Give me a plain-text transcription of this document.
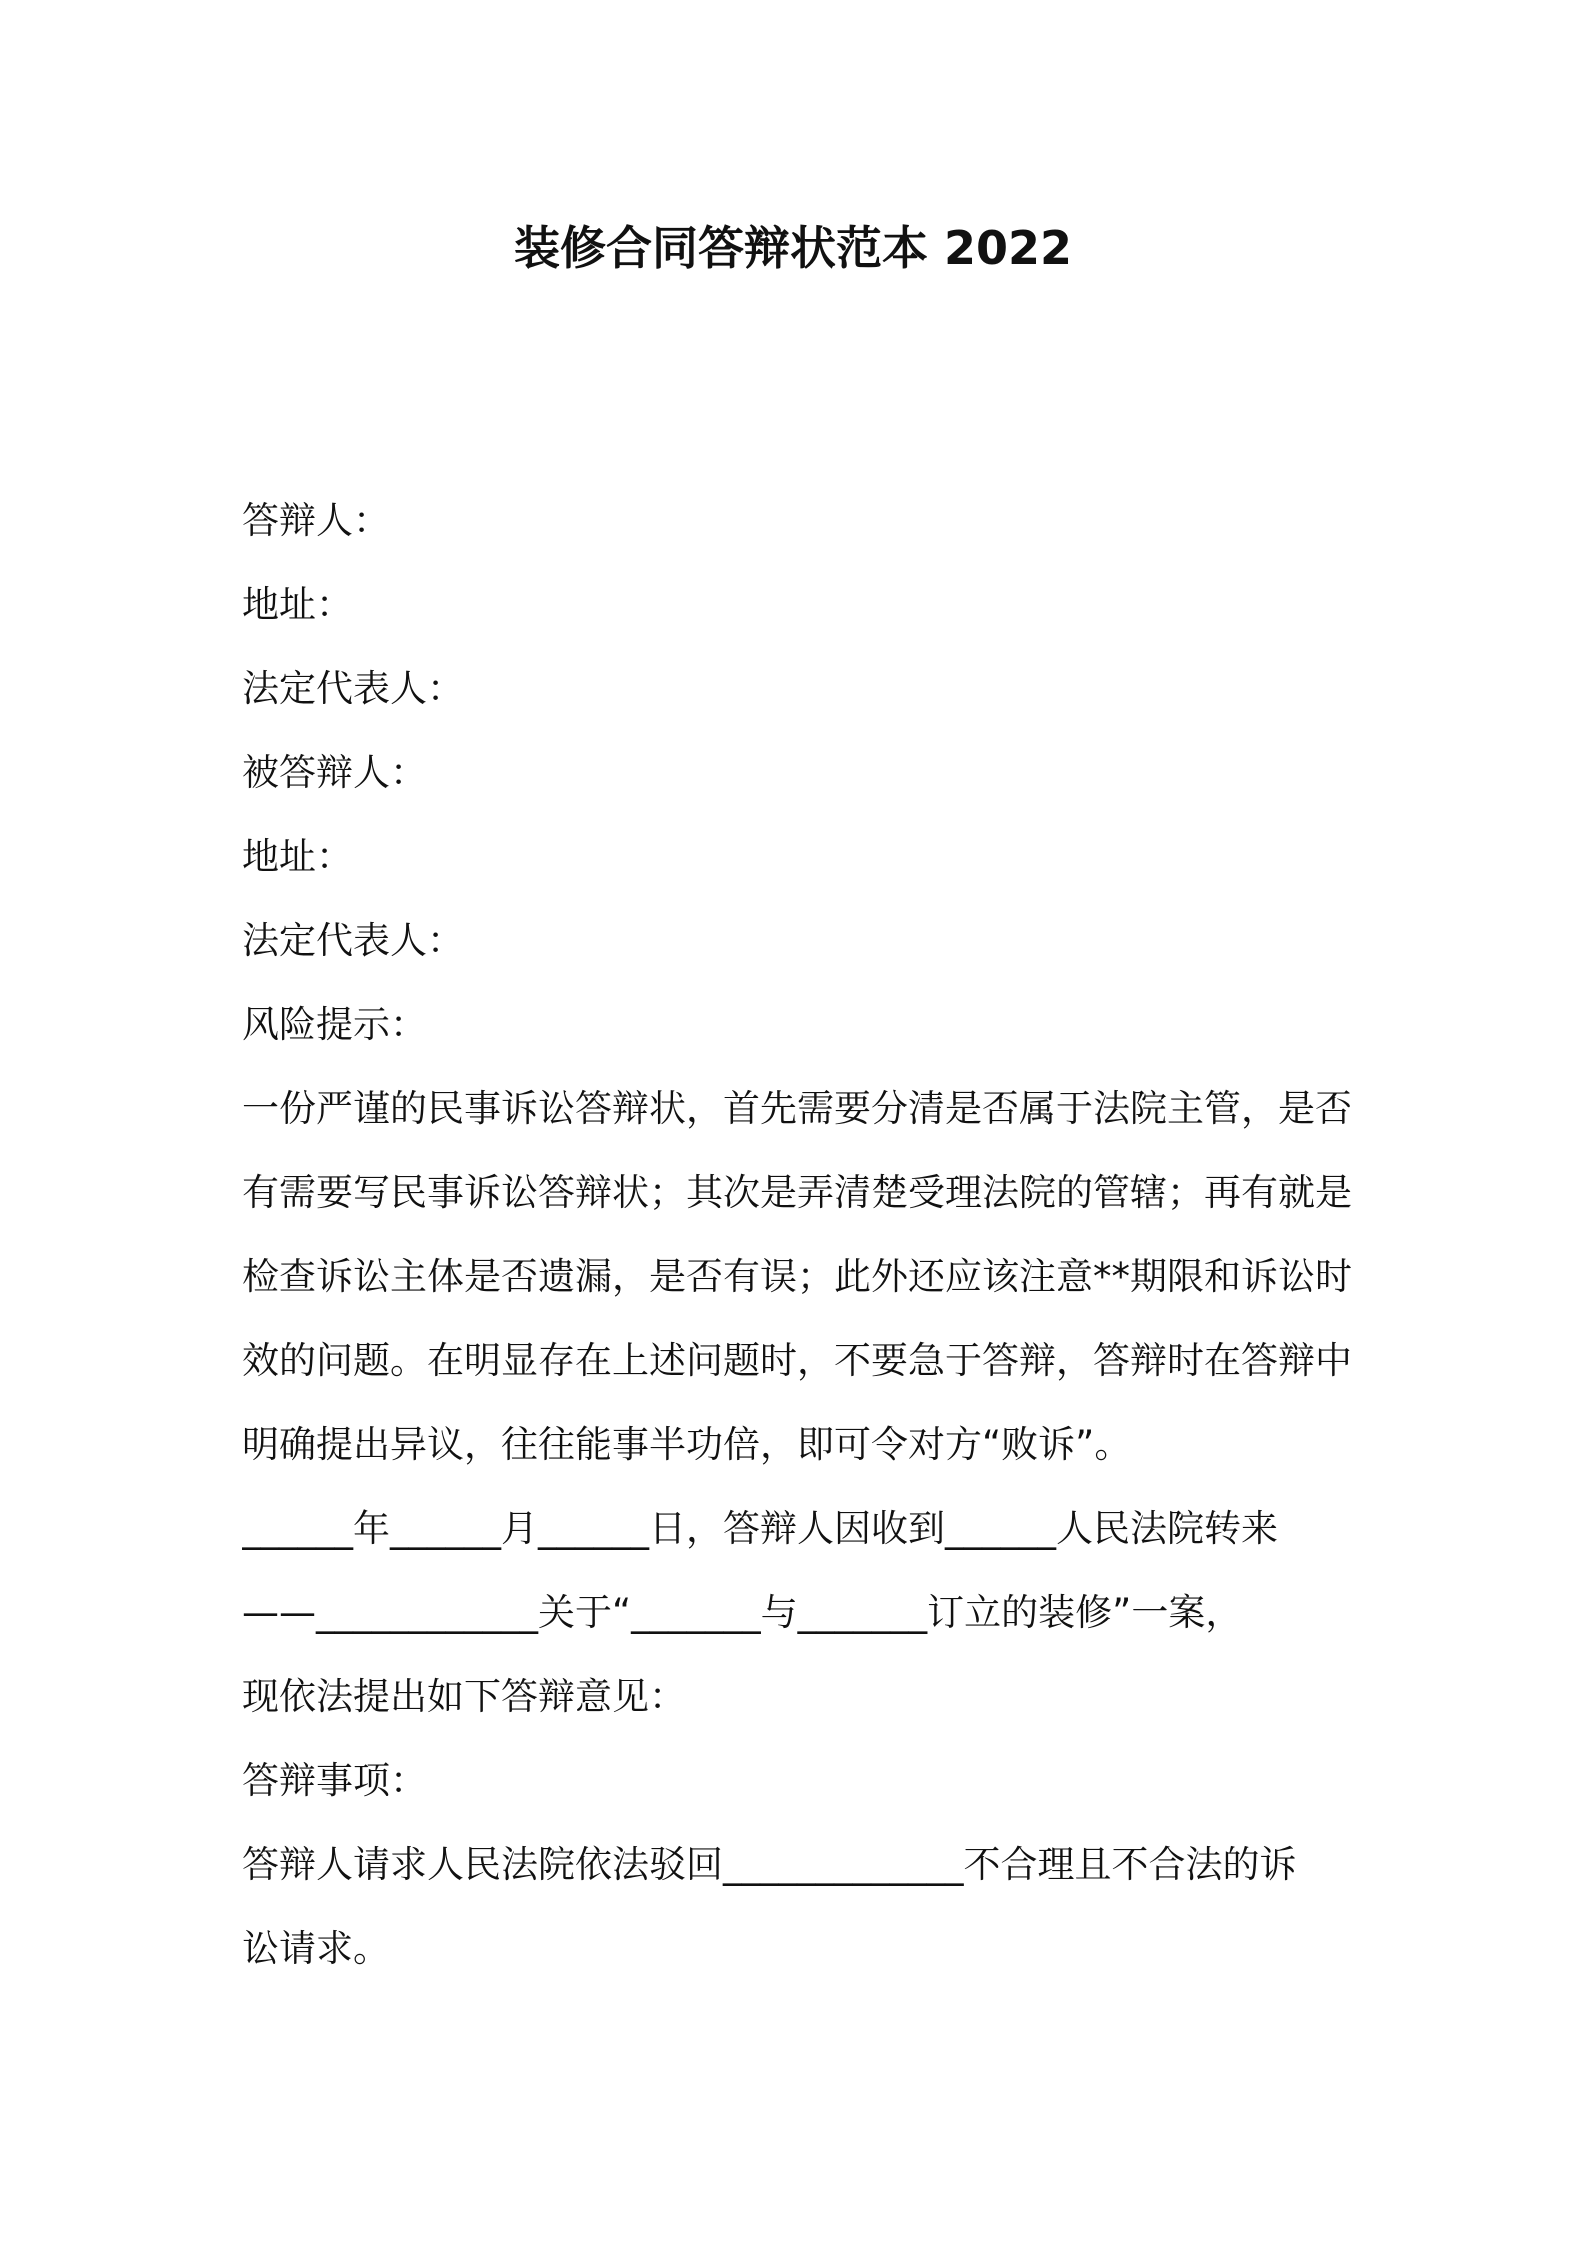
装修合同答辩状范本 2022
答辩人：
地址：
法定代表人：
被答辩人：
地址：
法定代表人：
风险提示：
一份严谨的民事诉讼答辩状，首先需要分清是否属于法院主管，是否
有需要写民事诉讼答辩状；其次是弄清楚受理法院的管辖；再有就是
检查诉讼主体是否遗漏，是否有误；此外还应该注意**期限和诉讼时
效的问题。在明显存在上述问题时，不要急于答辩，答辩时在答辩中
明确提出异议，往往能事半功倍，即可令对方“败诉”。
______年______月______日，答辩人因收到______人民法院转来
——____________关于“_______与_______订立的装修”一案，
现依法提出如下答辩意见：
答辩事项：
答辩人请求人民法院依法驳回_____________不合理且不合法的诉
讼请求。
